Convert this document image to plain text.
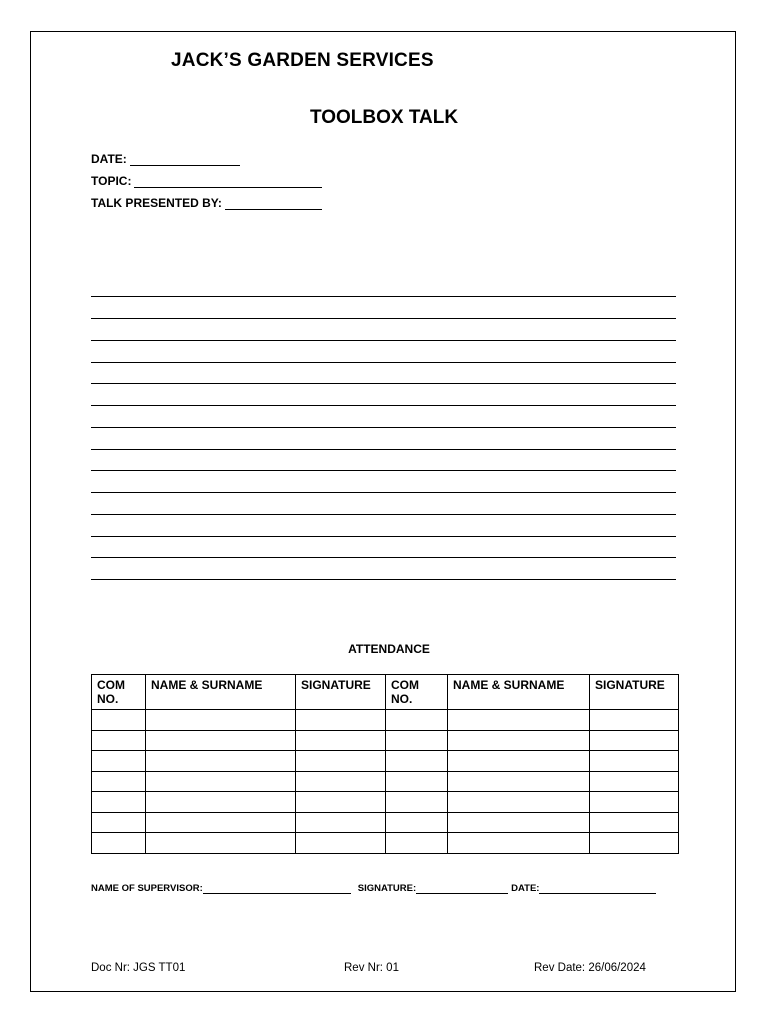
JACK’S GARDEN SERVICES
TOOLBOX TALK
DATE:
TOPIC:
TALK PRESENTED BY:
ATTENDANCE
COM NO.	NAME & SURNAME	SIGNATURE	COM NO.	NAME & SURNAME	SIGNATURE

NAME OF SUPERVISOR:	SIGNATURE:	DATE:
Doc Nr: JGS TT01	Rev Nr: 01	Rev Date: 26/06/2024
